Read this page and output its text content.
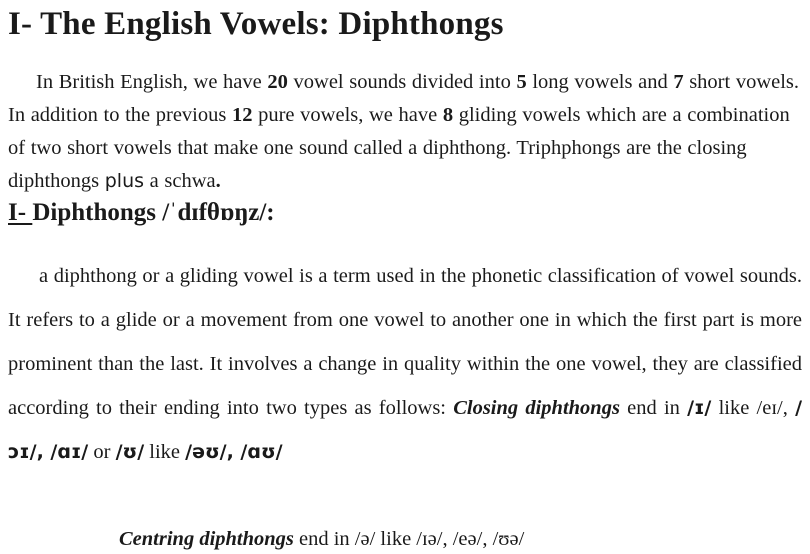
I- The English Vowels: Diphthongs

In British English, we have 20 vowel sounds divided into 5 long vowels and 7 short vowels. In addition to the previous 12 pure vowels, we have 8 gliding vowels which are a combination of two short vowels that make one sound called a diphthong. Triphphongs are the closing diphthongs plus a schwa.

I- Diphthongs /ˈdɪfθɒŋz/:

a diphthong or a gliding vowel is a term used in the phonetic classification of vowel sounds. It refers to a glide or a movement from one vowel to another one in which the first part is more prominent than the last. It involves a change in quality within the one vowel, they are classified according to their ending into two types as follows: Closing diphthongs end in /ɪ/ like /eɪ/, /ɔɪ/, /ɑɪ/ or /ʊ/ like /əʊ/, /ɑʊ/

Centring diphthongs end in /ə/ like /ɪə/, /eə/, /ʊə/
